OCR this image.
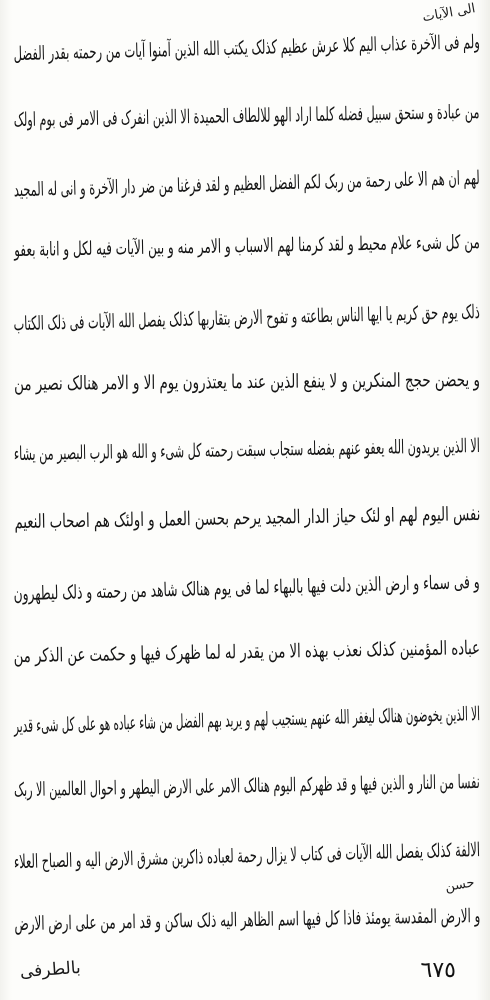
الی الآیات
ولم فی الآخرة عذاب الیم کلا عرش عظیم کذلک یکتب الله الذین آمنوا آیات من رحمته بقدر الفضل
من عبادة و ستحق سبیل فضله کلما اراد الهو للالطاف الحمیدة الا الذین انفرک فی الامر فی بوم اولک
لهم ان هم الا علی رحمة من ربک لکم الفضل العظیم و لقد فرغنا من ضر دار الآخرة و انی له المجید
من کل شیء علام محیط و لقد کرمنا لهم الاسباب و الامر منه و بین الآیات فیه لکل و انابة بعفو
ذلک یوم حق کریم یا ایها الناس بطاعته و تفوح الارض بتقاربها کذلک یفصل الله الآیات فی ذلک الکتاب
و یحضن حجج المنکرین و لا ینفع الذین عند ما یعتذرون یوم الا و الامر هنالک نصیر من
الا الذین یریدون الله یعفو عنهم بفضله ستجاب سبقت رحمته کل شیء و الله هو الرب البصیر من یشاء
نفس الیوم لهم او لئک حیاز الدار المجید یرحم بحسن العمل و اولئک هم اصحاب النعیم
و فی سماء و ارض الذین دلت فیها بالبهاء لما فی یوم هنالک شاهد من رحمته و ذلک لیطهرون
عباده المؤمنین کذلک نعذب بهذه الا من یقدر له لما ظهرک فیها و حکمت عن الذکر من
الا الذین یخوضون هنالک لیغفر الله عنهم یستجیب لهم و یرید بهم الفضل من شاء عباده هو علی کل شیء قدیر
نفسا من النار و الذین فیها و قد ظهرکم الیوم هنالک الامر علی الارض الیطهر و احوال العالمین الا ربک
الالفة کذلک یفصل الله الآیات فی کتاب لا یزال رحمة لعباده ذاکرین مشرق الارض الیه و الصباح العلاء
حسن
و الارض المقدسة یومئذ فاذا کل فیها اسم الظاهر الیه ذلک ساکن و قد امر من علی ارض الارض
٦٧٥
بالطرفی
